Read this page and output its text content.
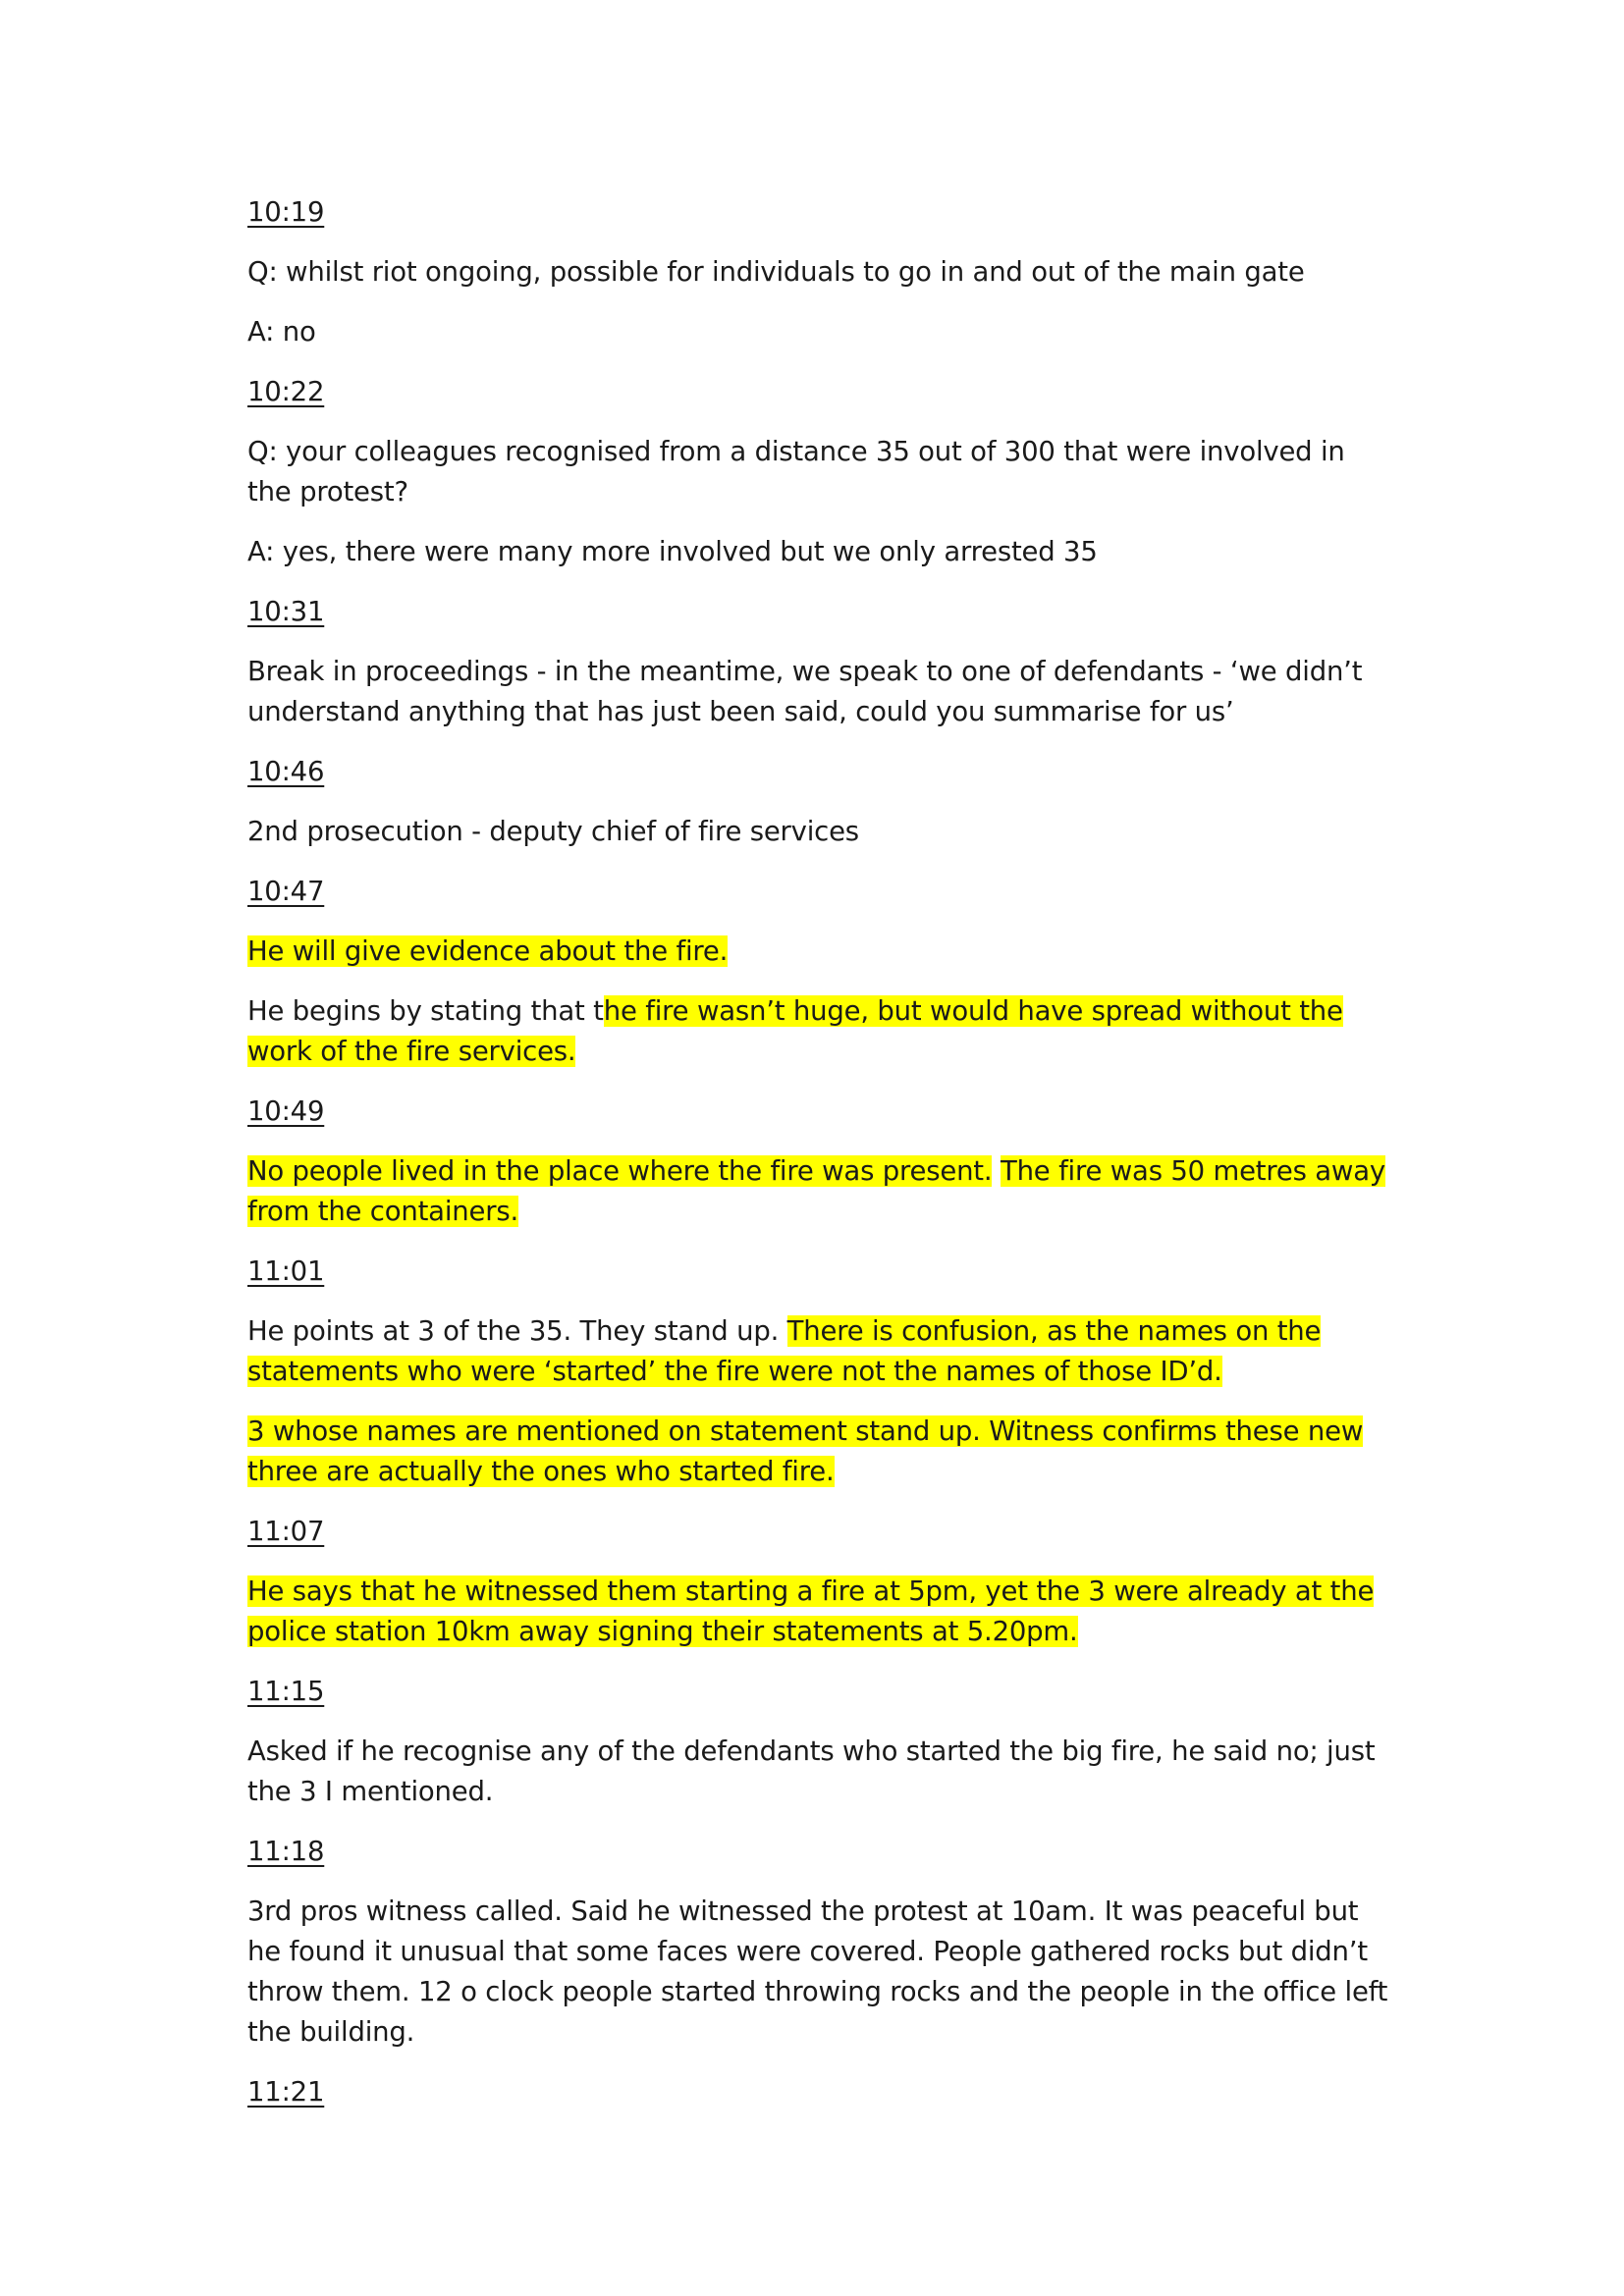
10:19
Q: whilst riot ongoing, possible for individuals to go in and out of the main gate
A: no
10:22
Q: your colleagues recognised from a distance 35 out of 300 that were involved in the protest?
A: yes, there were many more involved but we only arrested 35
10:31
Break in proceedings - in the meantime, we speak to one of defendants - ‘we didn’t understand anything that has just been said, could you summarise for us’
10:46
2nd prosecution - deputy chief of fire services
10:47
He will give evidence about the fire.
He begins by stating that the fire wasn’t huge, but would have spread without the work of the fire services.
10:49
No people lived in the place where the fire was present. The fire was 50 metres away from the containers.
11:01
He points at 3 of the 35. They stand up. There is confusion, as the names on the statements who were ‘started’ the fire were not the names of those ID’d.
3 whose names are mentioned on statement stand up. Witness confirms these new three are actually the ones who started fire.
11:07
He says that he witnessed them starting a fire at 5pm, yet the 3 were already at the police station 10km away signing their statements at 5.20pm.
11:15
Asked if he recognise any of the defendants who started the big fire, he said no; just the 3 I mentioned.
11:18
3rd pros witness called. Said he witnessed the protest at 10am. It was peaceful but he found it unusual that some faces were covered. People gathered rocks but didn’t throw them. 12 o clock people started throwing rocks and the people in the office left the building.
11:21
